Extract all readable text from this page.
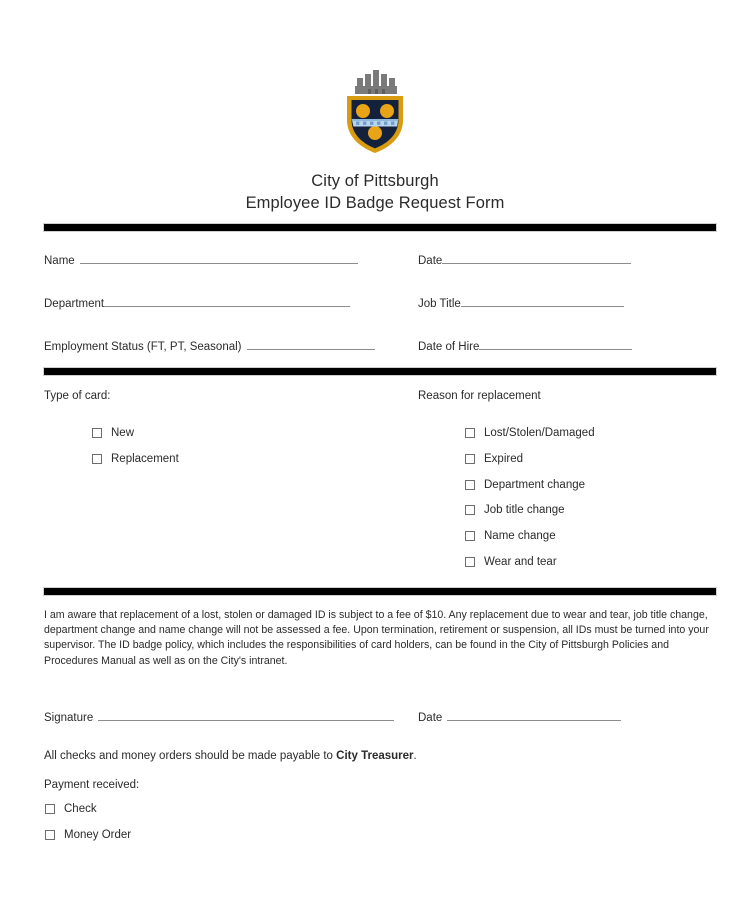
City of Pittsburgh
Employee ID Badge Request Form
Name
Department
Employment Status (FT, PT, Seasonal)
Date
Job Title
Date of Hire
Type of card:
New
Replacement
Reason for replacement
Lost/Stolen/Damaged
Expired
Department change
Job title change
Name change
Wear and tear
I am aware that replacement of a lost, stolen or damaged ID is subject to a fee of $10. Any replacement due to wear and tear, job title change, department change and name change will not be assessed a fee. Upon termination, retirement or suspension, all IDs must be turned into your supervisor. The ID badge policy, which includes the responsibilities of card holders, can be found in the City of Pittsburgh Policies and Procedures Manual as well as on the City's intranet.
Signature	Date
All checks and money orders should be made payable to City Treasurer.
Payment received:
Check
Money Order
